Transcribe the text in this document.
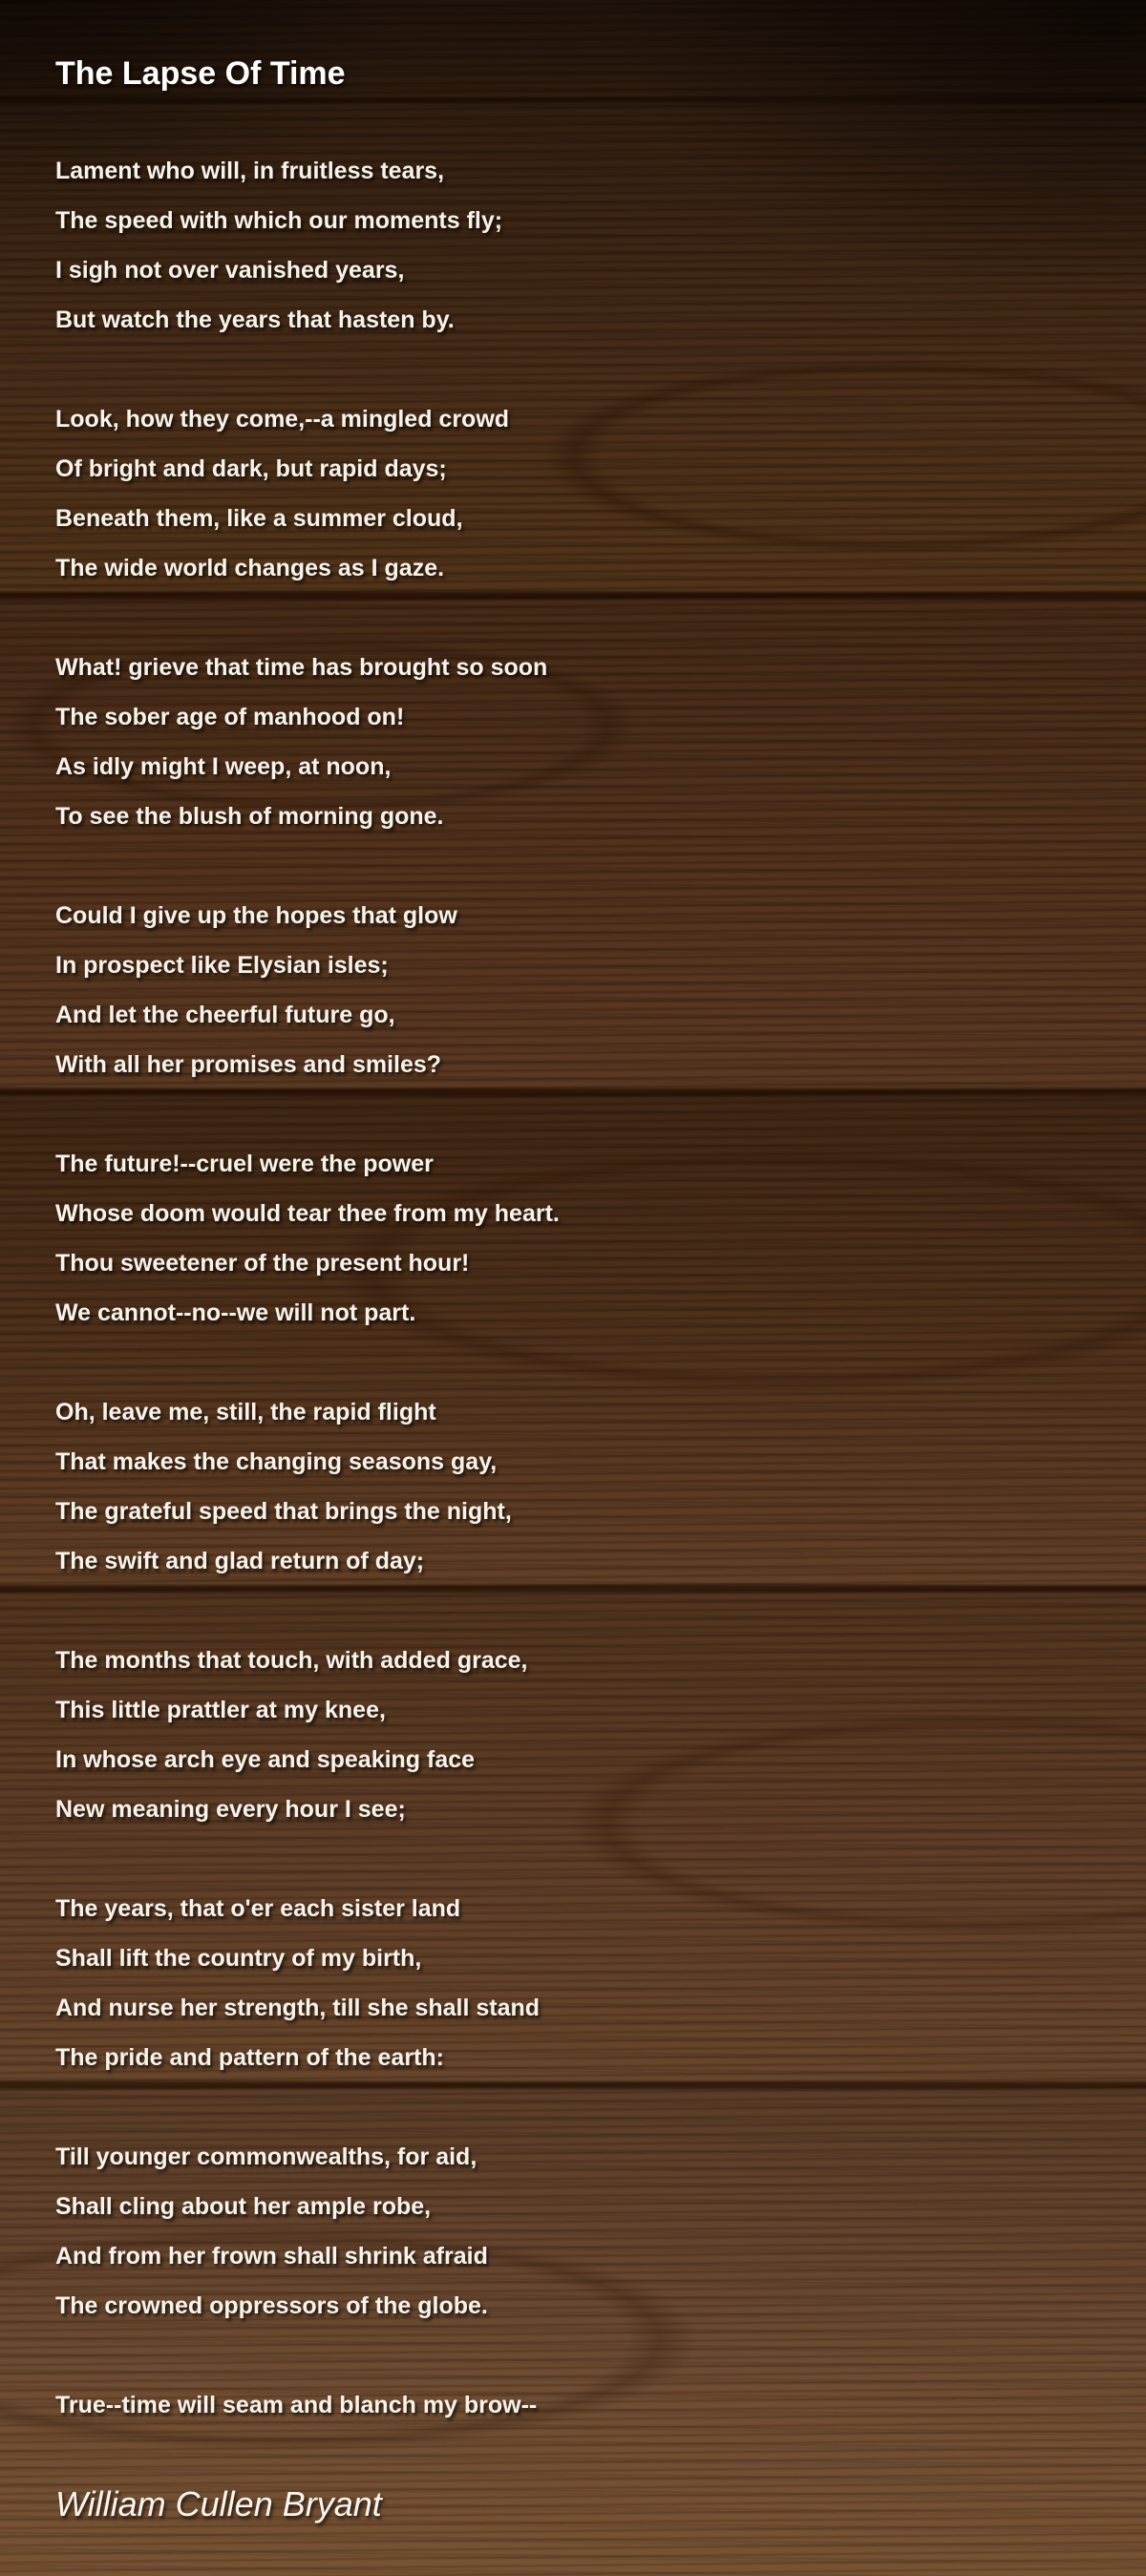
The Lapse Of Time
Lament who will, in fruitless tears,
The speed with which our moments fly;
I sigh not over vanished years,
But watch the years that hasten by.
Look, how they come,--a mingled crowd
Of bright and dark, but rapid days;
Beneath them, like a summer cloud,
The wide world changes as I gaze.
What! grieve that time has brought so soon
The sober age of manhood on!
As idly might I weep, at noon,
To see the blush of morning gone.
Could I give up the hopes that glow
In prospect like Elysian isles;
And let the cheerful future go,
With all her promises and smiles?
The future!--cruel were the power
Whose doom would tear thee from my heart.
Thou sweetener of the present hour!
We cannot--no--we will not part.
Oh, leave me, still, the rapid flight
That makes the changing seasons gay,
The grateful speed that brings the night,
The swift and glad return of day;
The months that touch, with added grace,
This little prattler at my knee,
In whose arch eye and speaking face
New meaning every hour I see;
The years, that o'er each sister land
Shall lift the country of my birth,
And nurse her strength, till she shall stand
The pride and pattern of the earth:
Till younger commonwealths, for aid,
Shall cling about her ample robe,
And from her frown shall shrink afraid
The crowned oppressors of the globe.
True--time will seam and blanch my brow--
William Cullen Bryant
